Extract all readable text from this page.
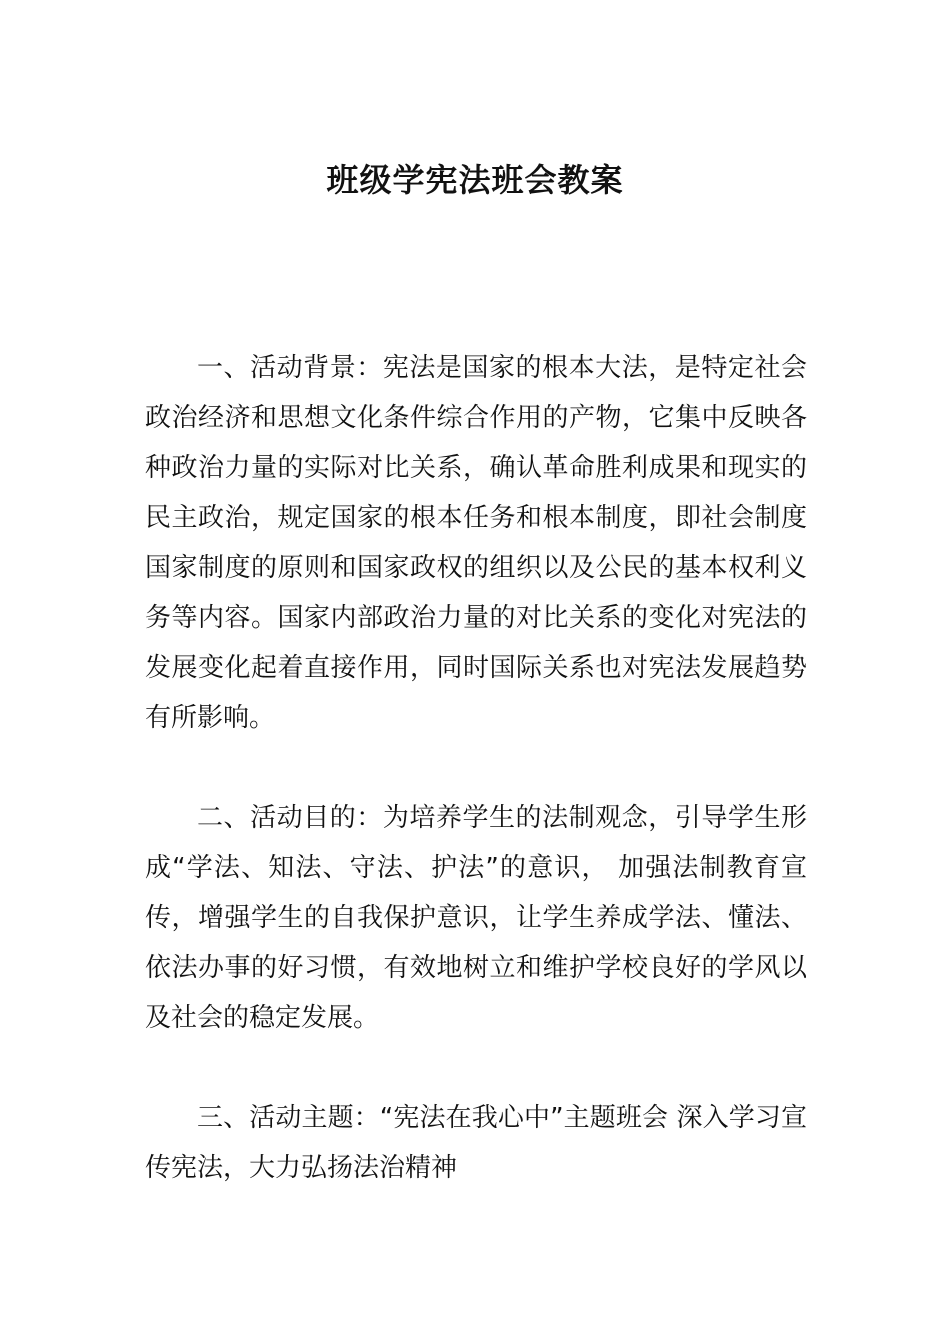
班级学宪法班会教案

一、活动背景：宪法是国家的根本大法，是特定社会政治经济和思想文化条件综合作用的产物，它集中反映各种政治力量的实际对比关系，确认革命胜利成果和现实的民主政治，规定国家的根本任务和根本制度，即社会制度国家制度的原则和国家政权的组织以及公民的基本权利义务等内容。国家内部政治力量的对比关系的变化对宪法的发展变化起着直接作用，同时国际关系也对宪法发展趋势有所影响。

二、活动目的：为培养学生的法制观念，引导学生形成“学法、知法、守法、护法”的意识， 加强法制教育宣传，增强学生的自我保护意识，让学生养成学法、懂法、依法办事的好习惯，有效地树立和维护学校良好的学风以及社会的稳定发展。

三、活动主题：“宪法在我心中”主题班会 深入学习宣传宪法，大力弘扬法治精神
